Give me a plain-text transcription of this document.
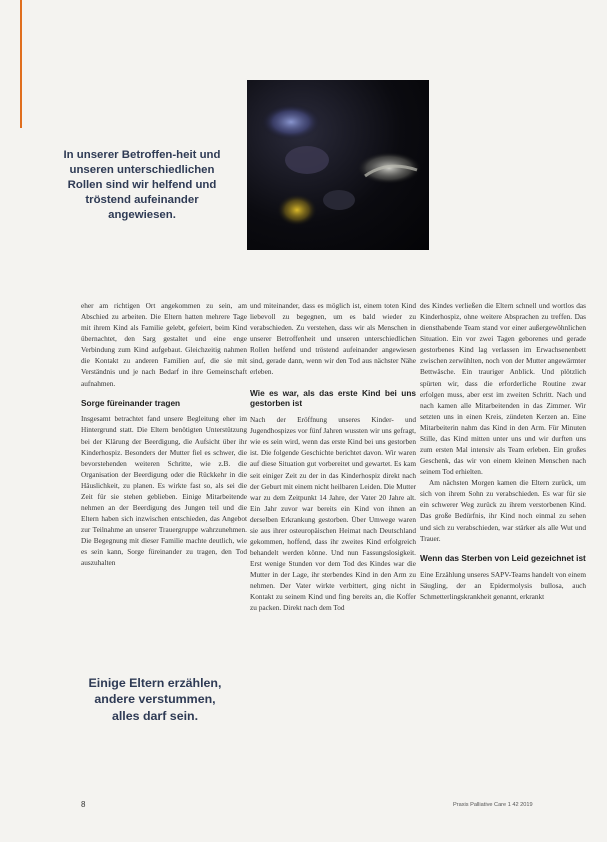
In unserer Betroffen-heit und unseren unterschiedlichen Rollen sind wir helfend und tröstend aufeinander angewiesen.

eher am richtigen Ort angekommen zu sein, am Abschied zu arbeiten. Die Eltern hatten mehrere Tage mit ihrem Kind als Familie gelebt, gefeiert, beim Kind übernachtet, den Sarg gestaltet und eine enge Verbindung zum Kind aufgebaut. Gleichzeitig nahmen die Kontakt zu anderen Familien auf, die sie mit Verständnis und je nach Bedarf in ihre Gemeinschaft aufnahmen.

Sorge füreinander tragen

Insgesamt betrachtet fand unsere Begleitung eher im Hintergrund statt. Die Eltern benötigten Unterstützung bei der Klärung der Beerdigung, die Aufsicht über ihr Kinderhospiz. Besonders der Mutter fiel es schwer, die bevorstehenden weiteren Schritte, wie z.B. die Organisation der Beerdigung oder die Rückkehr in die Häuslichkeit, zu planen. Es wirkte fast so, als sei die Zeit für sie stehen geblieben. Einige Mitarbeitende nehmen an der Beerdigung des Jungen teil und die Eltern haben sich inzwischen entschieden, das Angebot zur Teilnahme an unserer Trauergruppe wahrzunehmen. Die Begegnung mit dieser Familie machte deutlich, wie es sein kann, Sorge füreinander zu tragen, den Tod auszuhalten

Einige Eltern erzählen, andere verstummen, alles darf sein.

und miteinander, dass es möglich ist, einem toten Kind liebevoll zu begegnen, um es bald wieder zu verabschieden. Zu verstehen, dass wir als Menschen in unserer Betroffenheit und unseren unterschiedlichen Rollen helfend und tröstend aufeinander angewiesen sind, gerade dann, wenn wir den Tod aus nächster Nähe erleben.

Wie es war, als das erste Kind bei uns gestorben ist

Nach der Eröffnung unseres Kinder- und Jugendhospizes vor fünf Jahren wussten wir uns gefragt, wie es sein wird, wenn das erste Kind bei uns gestorben ist. Die folgende Geschichte berichtet davon. Wir waren auf diese Situation gut vorbereitet und gewartet. Es kam seit einiger Zeit zu der in das Kinderhospiz direkt nach der Geburt mit einem nicht heilbaren Leiden. Die Mutter war zu dem Zeitpunkt 14 Jahre, der Vater 20 Jahre alt. Ein Jahr zuvor war bereits ein Kind von ihnen an derselben Erkrankung gestorben. Über Umwege waren sie aus ihrer osteuropäischen Heimat nach Deutschland gekommen, hoffend, dass ihr zweites Kind erfolgreich behandelt werden könne. Und nun Fassungslosigkeit. Erst wenige Stunden vor dem Tod des Kindes war die Mutter in der Lage, ihr sterbendes Kind in den Arm zu nehmen. Der Vater wirkte verbittert, ging nicht in Kontakt zu seinem Kind und fing bereits an, die Koffer zu packen. Direkt nach dem Tod

des Kindes verließen die Eltern schnell und wortlos das Kinderhospiz, ohne weitere Absprachen zu treffen. Das diensthabende Team stand vor einer außergewöhnlichen Situation. Ein vor zwei Tagen geborenes und gerade gestorbenes Kind lag verlassen im Erwachsenenbett zwischen zerwühlten, noch von der Mutter angewärmter Bettwäsche. Ein trauriger Anblick. Und plötzlich spürten wir, dass die erforderliche Routine zwar erfolgen muss, aber erst im zweiten Schritt. Nach und nach kamen alle Mitarbeitenden in das Zimmer. Wir setzten uns in einen Kreis, zündeten Kerzen an. Eine Mitarbeiterin nahm das Kind in den Arm. Für Minuten Stille, das Kind mitten unter uns und wir durften uns zum ersten Mal intensiv als Team erleben. Ein großes Geschenk, das wir von einem kleinen Menschen nach seinem Tod erhielten.

Am nächsten Morgen kamen die Eltern zurück, um sich von ihrem Sohn zu verabschieden. Es war für sie ein schwerer Weg zurück zu ihrem verstorbenen Kind. Das große Bedürfnis, ihr Kind noch einmal zu sehen und sich zu verabschieden, war stärker als alle Wut und Trauer.

Wenn das Sterben von Leid gezeichnet ist

Eine Erzählung unseres SAPV-Teams handelt von einem Säugling, der an Epidermolysis bullosa, auch Schmetterlingskrankheit genannt, erkrankt

8	Praxis Palliative Care 1 42 2019
